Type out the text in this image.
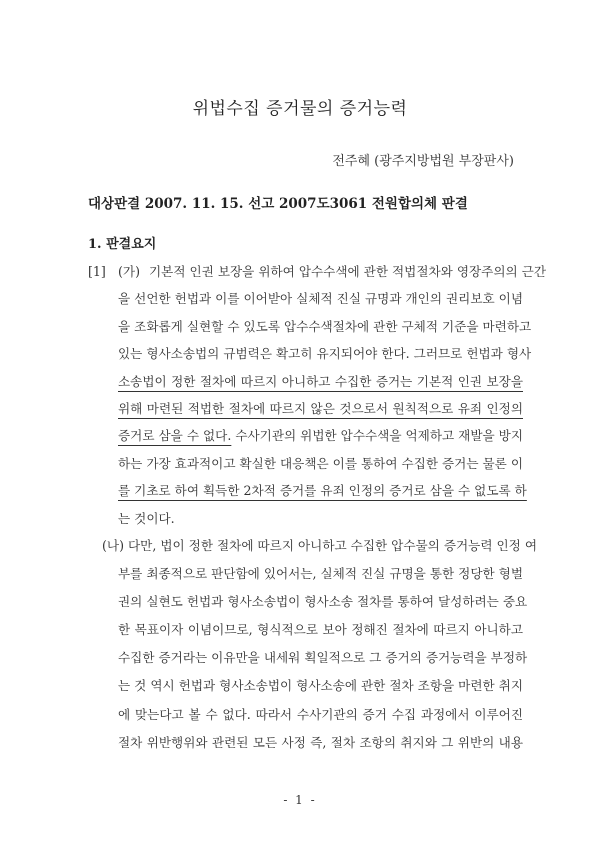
위법수집 증거물의 증거능력
전주혜 (광주지방법원 부장판사)
대상판결 2007. 11. 15. 선고 2007도3061 전원합의체 판결
1. 판결요지
[1] (가) 기본적 인권 보장을 위하여 압수수색에 관한 적법절차와 영장주의의 근간
을 선언한 헌법과 이를 이어받아 실체적 진실 규명과 개인의 권리보호 이념
을 조화롭게 실현할 수 있도록 압수수색절차에 관한 구체적 기준을 마련하고
있는 형사소송법의 규범력은 확고히 유지되어야 한다. 그러므로 헌법과 형사
소송법이 정한 절차에 따르지 아니하고 수집한 증거는 기본적 인권 보장을
위해 마련된 적법한 절차에 따르지 않은 것으로서 원칙적으로 유죄 인정의
증거로 삼을 수 없다. 수사기관의 위법한 압수수색을 억제하고 재발을 방지
하는 가장 효과적이고 확실한 대응책은 이를 통하여 수집한 증거는 물론 이
를 기초로 하여 획득한 2차적 증거를 유죄 인정의 증거로 삼을 수 없도록 하
는 것이다.
(나) 다만, 법이 정한 절차에 따르지 아니하고 수집한 압수물의 증거능력 인정 여
부를 최종적으로 판단함에 있어서는, 실체적 진실 규명을 통한 정당한 형벌
권의 실현도 헌법과 형사소송법이 형사소송 절차를 통하여 달성하려는 중요
한 목표이자 이념이므로, 형식적으로 보아 정해진 절차에 따르지 아니하고
수집한 증거라는 이유만을 내세워 획일적으로 그 증거의 증거능력을 부정하
는 것 역시 헌법과 형사소송법이 형사소송에 관한 절차 조항을 마련한 취지
에 맞는다고 볼 수 없다. 따라서 수사기관의 증거 수집 과정에서 이루어진
절차 위반행위와 관련된 모든 사정 즉, 절차 조항의 취지와 그 위반의 내용
- 1 -
